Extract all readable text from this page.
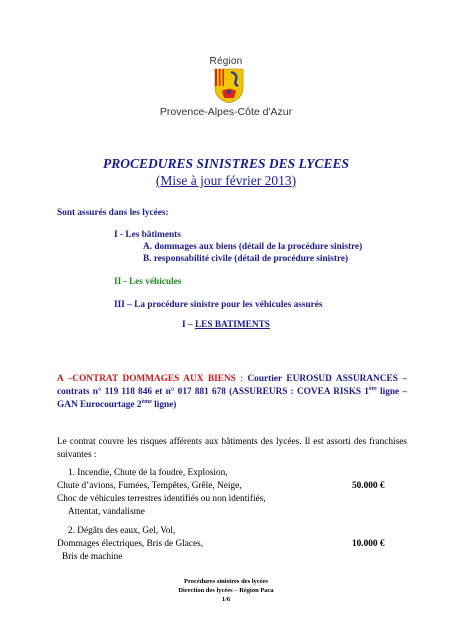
Région
Provence-Alpes-Côte d'Azur
PROCEDURES SINISTRES DES LYCEES
(Mise à jour février 2013)
Sont assurés dans les lycées:
I - Les bâtiments
A. dommages aux biens (détail de la procédure sinistre)
B. responsabilité civile (détail de procédure sinistre)
II - Les véhicules
III – La procédure sinistre pour les véhicules assurés
I – LES BATIMENTS
A –CONTRAT DOMMAGES AUX BIENS : Courtier EUROSUD ASSURANCES – contrats n° 119 118 846 et n° 017 881 678 (ASSUREURS : COVEA RISKS 1ère ligne – GAN Eurocourtage 2ème ligne)
Le contrat couvre les risques afférents aux bâtiments des lycées. Il est assorti des franchises suivantes :
1. Incendie, Chute de la foudre, Explosion,
Chute d’avions, Fumées, Tempêtes, Grêle, Neige,	50.000 €
Choc de véhicules terrestres identifiés ou non identifiés,
Attentat, vandalisme
2. Dégâts des eaux, Gel, Vol,
Dommages électriques, Bris de Glaces,	10.000 €
Bris de machine
Procédures sinistres des lycées
Direction des lycées – Région Paca
1/6
